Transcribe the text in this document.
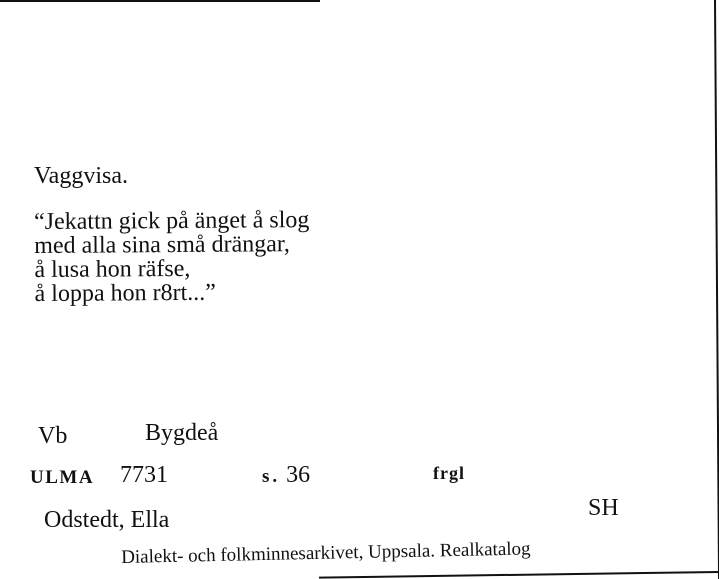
Vaggvisa.
“Jekattn gick på änget å slog
med alla sina små drängar,
å lusa hon räfse,
å loppa hon r8rt...”
Vb	Bygdeå
ULMA 7731	s. 36	frgl
Odstedt, Ella	SH
Dialekt- och folkminnesarkivet, Uppsala. Realkatalog
